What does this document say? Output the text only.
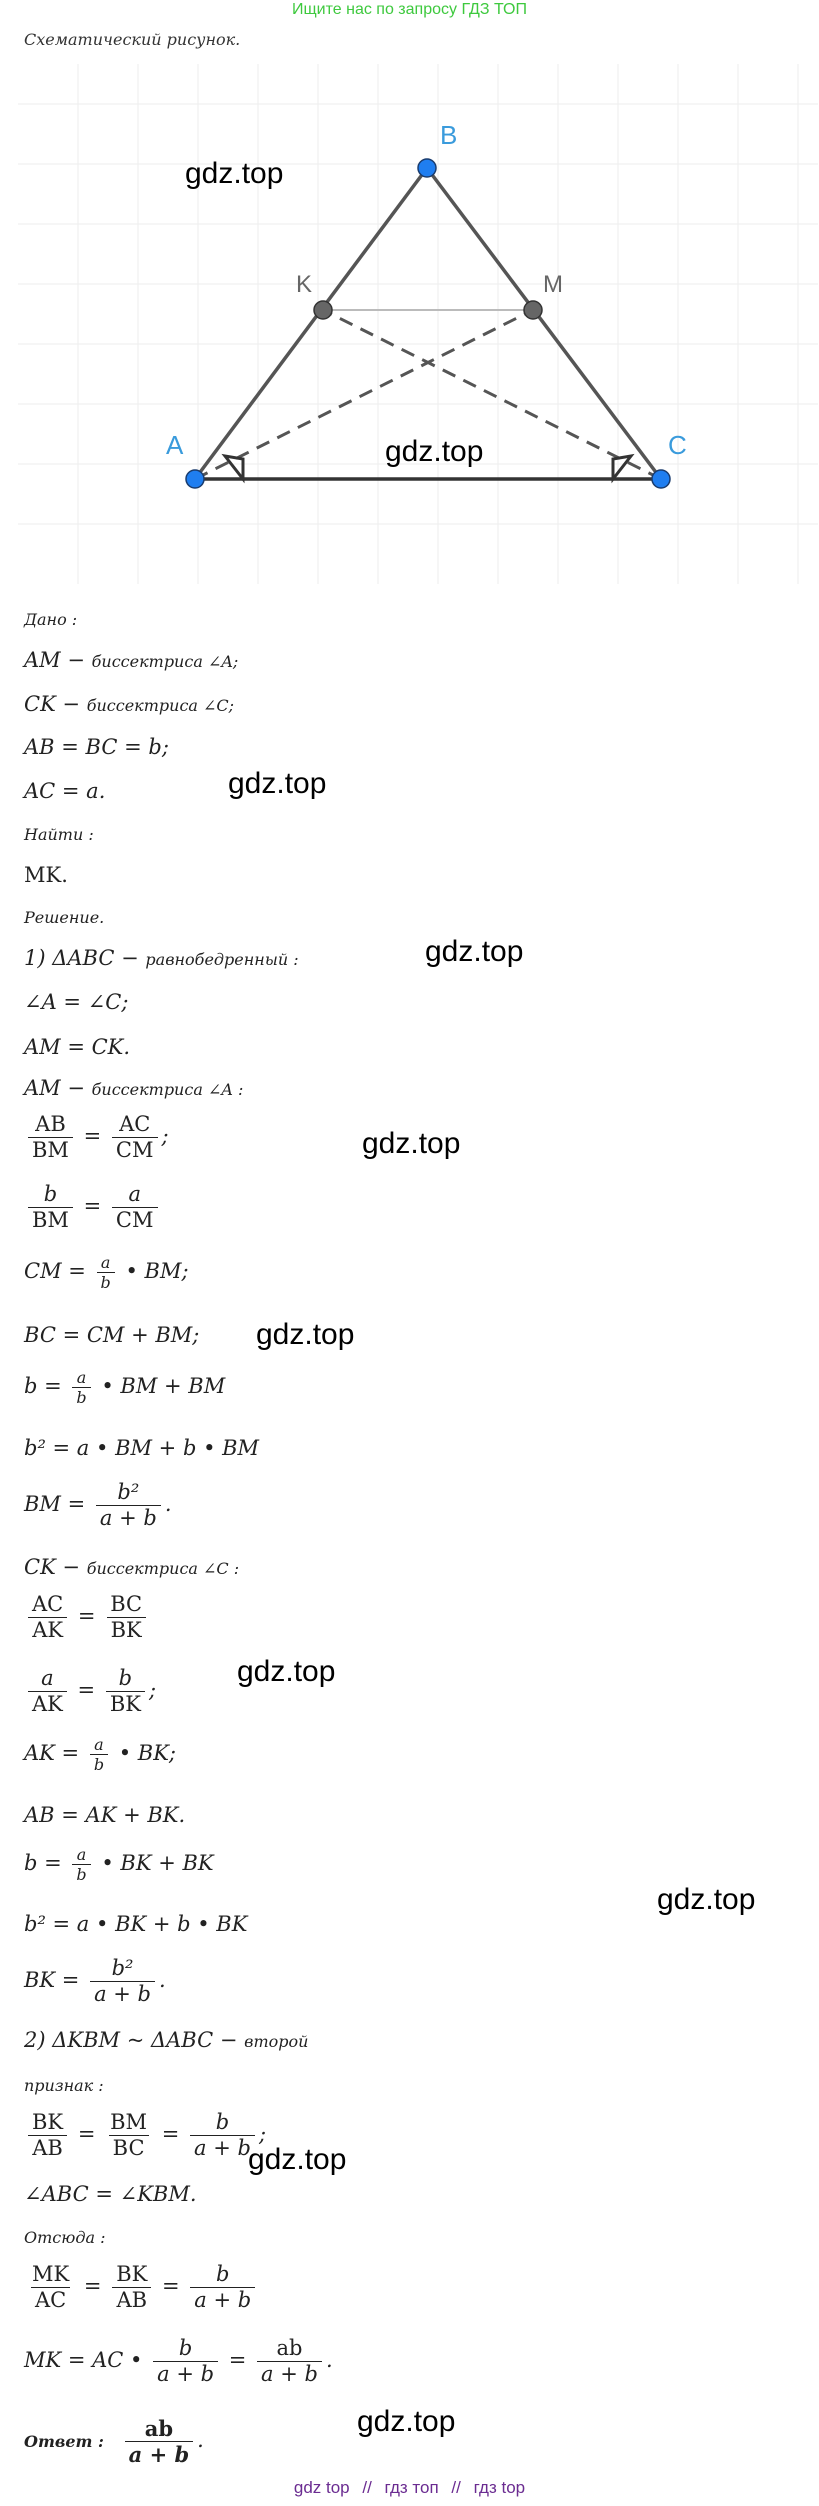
Ищите нас по запросу ГДЗ ТОП
Схематический рисунок.
B
A	C
K	M
gdz.top
gdz.top
gdz.top
gdz.top
gdz.top
gdz.top
gdz.top
gdz.top
gdz.top
gdz.top
Дано :
AM − биссектриса ∠A;
CK − биссектриса ∠C;
AB = BC = b;
AC = a.
Найти :
MK.
Решение.
1) ΔABC − равнобедренный :
∠A = ∠C;
AM = CK.
AM − биссектриса ∠A :
$\frac{AB}{BM} = \frac{AC}{CM}$ ;
$\frac{b}{BM} = \frac{a}{CM}$
CM = $\frac{a}{b}$ • BM;
BC = CM + BM;
$b = \frac{a}{b}$ • BM + BM
b² = a • BM + b • BM
BM = $\frac{\text{b²}}{a + b}$ .
CK − биссектриса ∠C :
$\frac{AC}{AK} = \frac{BC}{BK}$
$\frac{a}{AK} = \frac{b}{BK}$ ;
AK = $\frac{a}{b}$ • BK;
AB = AK + BK.
$b = \frac{a}{b}$ • BK + BK
b² = a • BK + b • BK
BK = $\frac{\text{b²}}{a + b}$ .
2) ΔKBM ~ ΔABC − второй
признак :
$\frac{BK}{AB} = \frac{BM}{BC} = \frac{b}{a + b}$ ;
∠ABC = ∠KBM.
Отсюда :
$\frac{MK}{AC} = \frac{BK}{AB} = \frac{b}{a + b}$
MK = AC • $\frac{b}{a + b} = \frac{ab}{a + b}$ .
Ответ : $\frac{ab}{a + b}$ .
gdz top // гдз топ // гдз top
